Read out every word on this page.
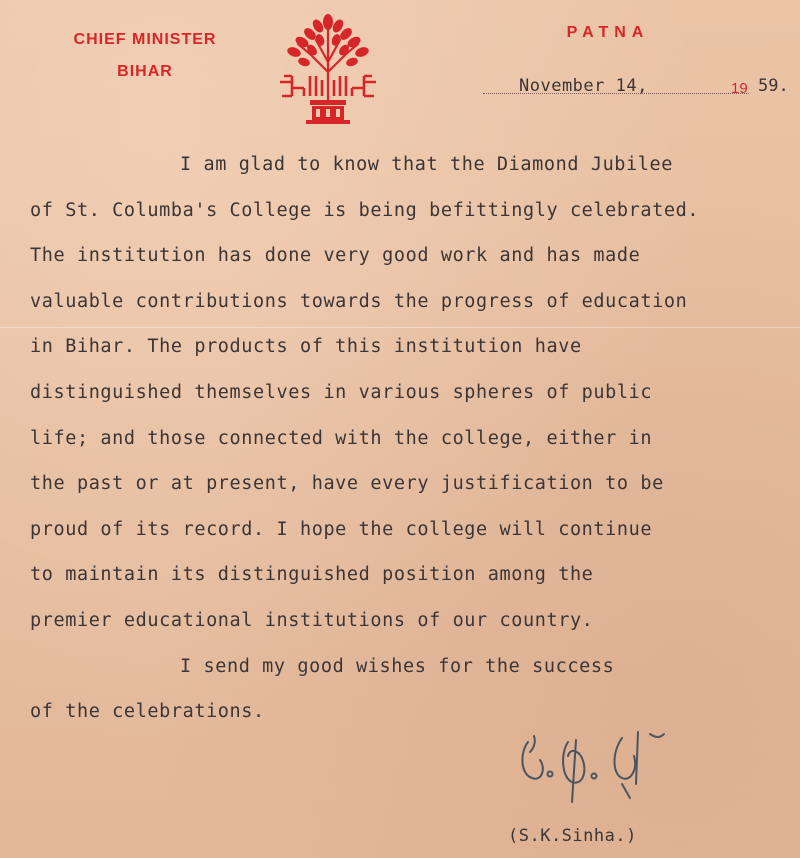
CHIEF MINISTER
BIHAR
PATNA
November 14,	19 59.
I am glad to know that the Diamond Jubilee
of St. Columba's College is being befittingly celebrated.
The institution has done very good work and has made
valuable contributions towards the progress of education
in Bihar. The products of this institution have
distinguished themselves in various spheres of public
life; and those connected with the college, either in
the past or at present, have every justification to be
proud of its record. I hope the college will continue
to maintain its distinguished position among the
premier educational institutions of our country.
I send my good wishes for the success
of the celebrations.
(S.K.Sinha.)
